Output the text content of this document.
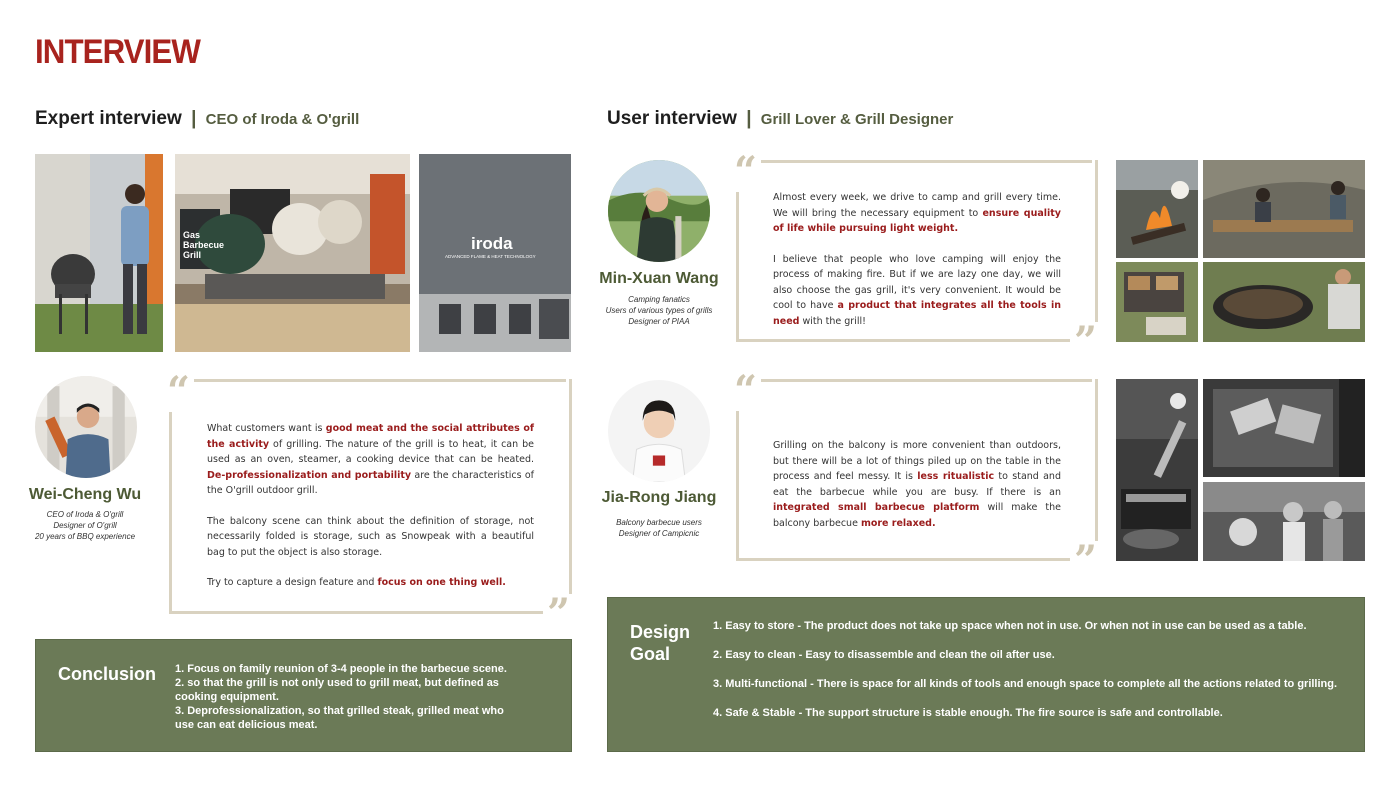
INTERVIEW
Expert interview | CEO of Iroda & O'grill
Gas Barbecue Grill
iroda
ADVANCED FLAME & HEAT TECHNOLOGY
Wei-Cheng Wu
CEO of Iroda & O'grill
Designer of O'grill
20 years of BBQ experience
“
”

What customers want is good meat and the social attributes of the activity of grilling. The nature of the grill is to heat, it can be used as an oven, steamer, a cooking device that can be heated. De-professionalization and portability are the characteristics of the O'grill outdoor grill.

The balcony scene can think about the definition of storage, not necessarily folded is storage, such as Snowpeak with a beautiful bag to put the object is also storage.

Try to capture a design feature and focus on one thing well.

Conclusion 1. Focus on family reunion of 3-4 people in the barbecue scene.
2. so that the grill is not only used to grill meat, but defined as cooking equipment.
3. Deprofessionalization, so that grilled steak, grilled meat who use can eat delicious meat.
User interview | Grill Lover & Grill Designer
Min-Xuan Wang
Camping fanatics
Users of various types of grills
Designer of PIAA
“
”

Almost every week, we drive to camp and grill every time. We will bring the necessary equipment to ensure quality of life while pursuing light weight.

I believe that people who love camping will enjoy the process of making fire. But if we are lazy one day, we will also choose the gas grill, it's very convenient. It would be cool to have a product that integrates all the tools in need with the grill!

Jia-Rong Jiang
Balcony barbecue users
Designer of Campicnic
“
”

Grilling on the balcony is more convenient than outdoors, but there will be a lot of things piled up on the table in the process and feel messy. It is less ritualistic to stand and eat the barbecue while you are busy. If there is an integrated small barbecue platform will make the balcony barbecue more relaxed.

Design
Goal
1. Easy to store - The product does not take up space when not in use. Or when not in use can be used as a table.
2. Easy to clean - Easy to disassemble and clean the oil after use.
3. Multi-functional - There is space for all kinds of tools and enough space to complete all the actions related to grilling.
4. Safe & Stable - The support structure is stable enough. The fire source is safe and controllable.
